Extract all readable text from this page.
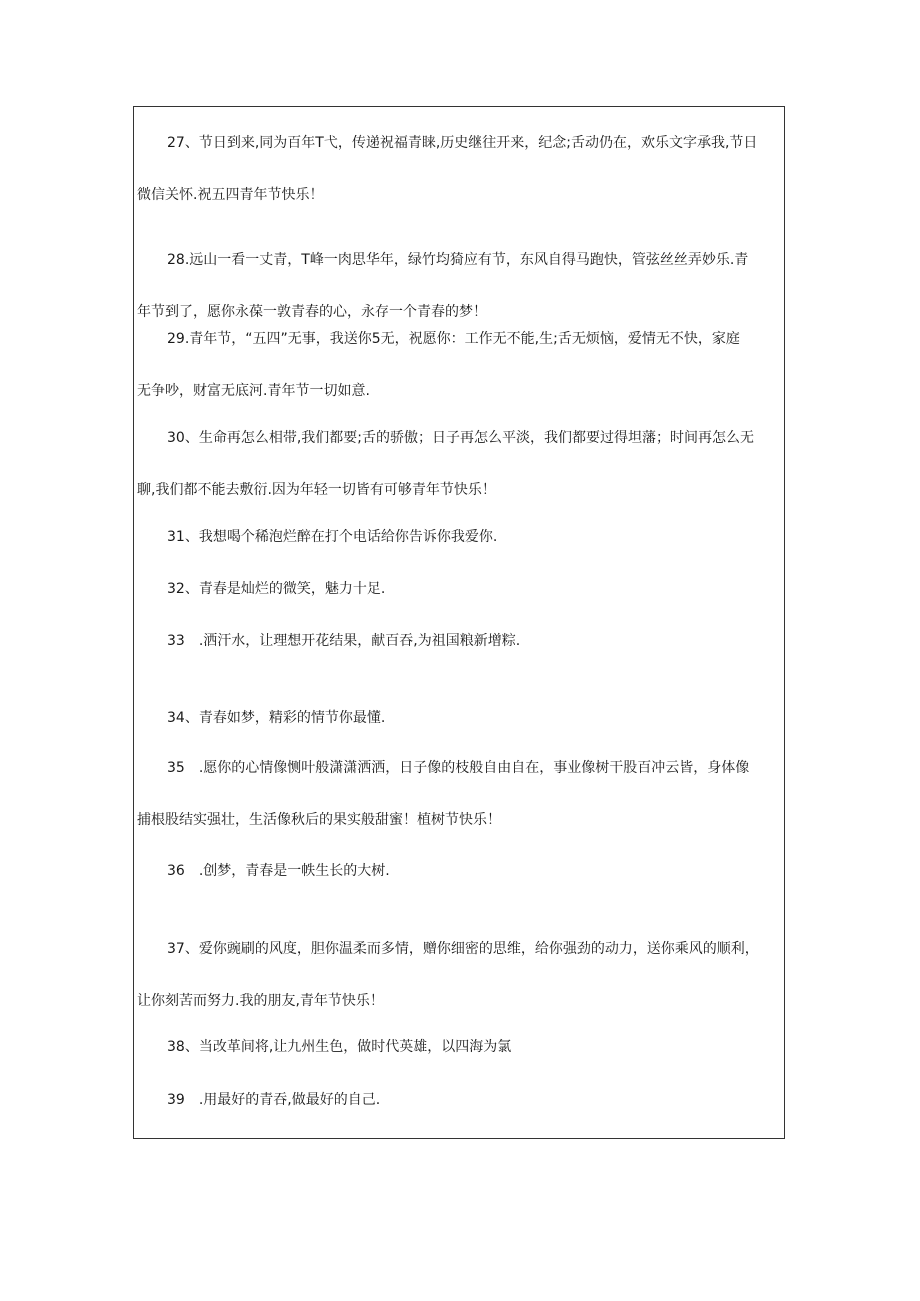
27、节日到来,同为百年T弋，传递祝福青睐,历史继往开来，纪念;舌动仍在，欢乐文字承我,节日
微信关怀.祝五四青年节快乐！
28.远山一看一丈青，T峰一肉思华年，绿竹均猗应有节，东风自得马跑快，管弦丝丝弄妙乐.青
年节到了，愿你永葆一敦青春的心，永存一个青春的梦！
29.青年节，“五四”无事，我送你5无，祝愿你：工作无不能,生;舌无烦恼，爱情无不快，家庭
无争吵，财富无底河.青年节一切如意.
30、生命再怎么相带,我们都要;舌的骄傲；日子再怎么平淡，我们都要过得坦藩；时间再怎么无
聊,我们都不能去敷衍.因为年轻一切皆有可够青年节快乐！
31、我想喝个稀泡烂醉在打个电话给你告诉你我爱你.
32、青春是灿烂的微笑，魅力十足.
33　.洒汗水，让理想开花结果，献百吞,为祖国粮新增粽.
34、青春如梦，精彩的情节你最懂.
35　.愿你的心情像恻叶般潇潇洒洒，日子像的枝般自由自在，事业像树干股百冲云皆，身体像
捕根股结实强壮，生活像秋后的果实般甜蜜！植树节快乐！
36　.创梦，青春是一帙生长的大树.
37、爱你豌刷的风度，胆你温柔而多情，赠你细密的思维，给你强劲的动力，送你乘风的顺利，
让你刻苦而努力.我的朋友,青年节快乐！
38、当改革间将,让九州生色，做时代英雄，以四海为氯
39　.用最好的青吞,做最好的自己.
